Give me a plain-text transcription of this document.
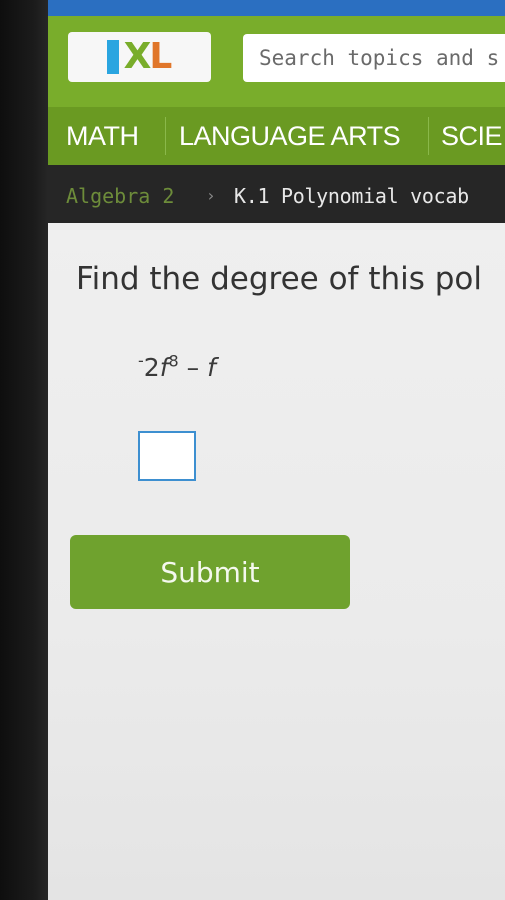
X L
Search topics and s
MATH LANGUAGE ARTS SCIE
Algebra 2 › K.1 Polynomial vocab
Find the degree of this pol
$^-2f^8$ – f
Submit
